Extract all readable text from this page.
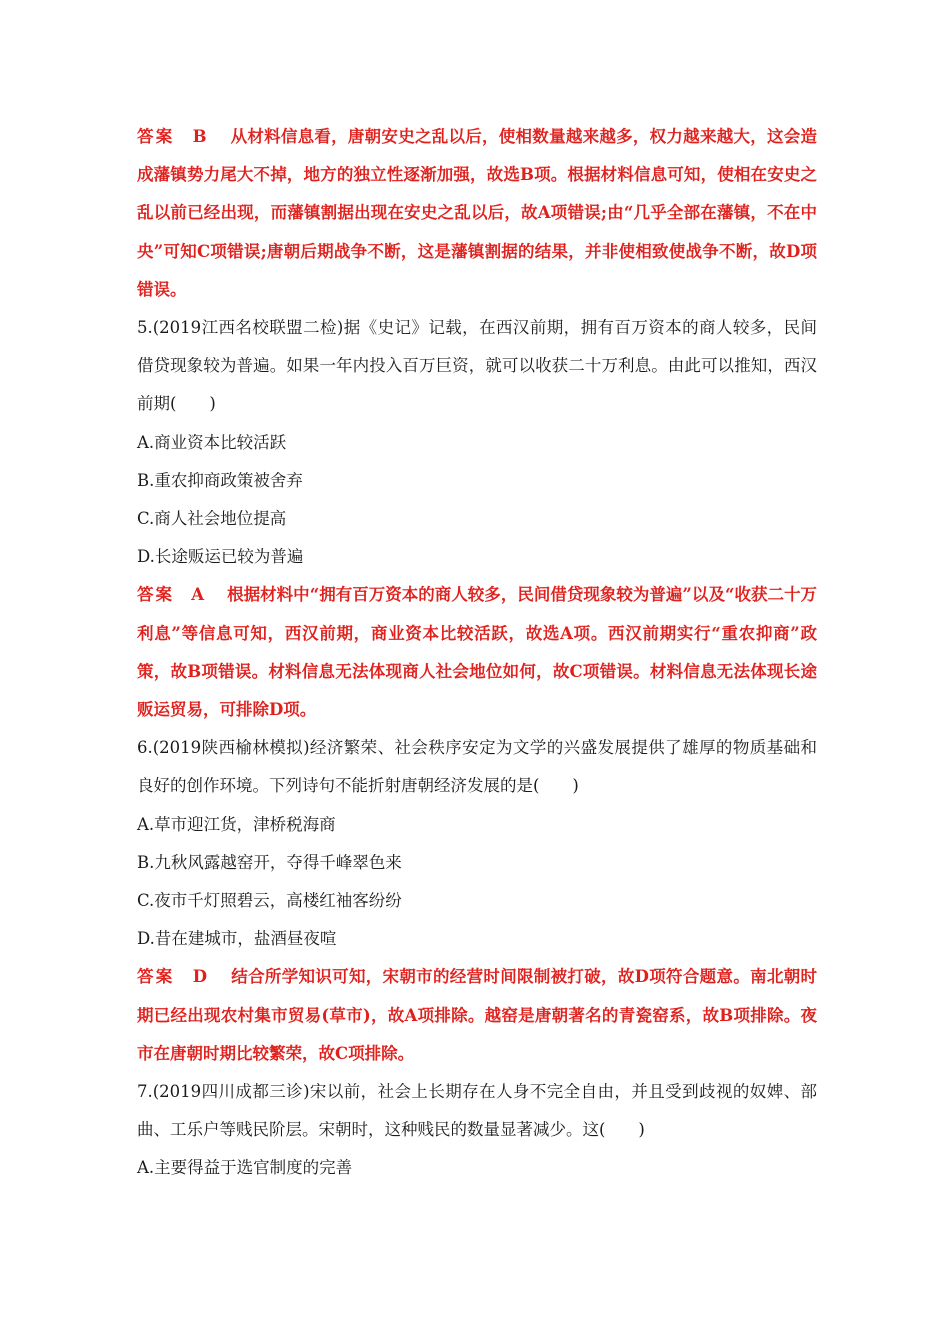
答案 B 从材料信息看，唐朝安史之乱以后，使相数量越来越多，权力越来越大，这会造成藩镇势力尾大不掉，地方的独立性逐渐加强，故选B项。根据材料信息可知，使相在安史之乱以前已经出现，而藩镇割据出现在安史之乱以后，故A项错误;由“几乎全部在藩镇，不在中央”可知C项错误;唐朝后期战争不断，这是藩镇割据的结果，并非使相致使战争不断，故D项错误。

5.(2019江西名校联盟二检)据《史记》记载，在西汉前期，拥有百万资本的商人较多，民间借贷现象较为普遍。如果一年内投入百万巨资，就可以收获二十万利息。由此可以推知，西汉前期(　　)

A.商业资本比较活跃

B.重农抑商政策被舍弃

C.商人社会地位提高

D.长途贩运已较为普遍

答案 A 根据材料中“拥有百万资本的商人较多，民间借贷现象较为普遍”以及“收获二十万利息”等信息可知，西汉前期，商业资本比较活跃，故选A项。西汉前期实行“重农抑商”政策，故B项错误。材料信息无法体现商人社会地位如何，故C项错误。材料信息无法体现长途贩运贸易，可排除D项。

6.(2019陕西榆林模拟)经济繁荣、社会秩序安定为文学的兴盛发展提供了雄厚的物质基础和良好的创作环境。下列诗句不能折射唐朝经济发展的是(　　)

A.草市迎江货，津桥税海商

B.九秋风露越窑开，夺得千峰翠色来

C.夜市千灯照碧云，高楼红袖客纷纷

D.昔在建城市，盐酒昼夜喧

答案 D 结合所学知识可知，宋朝市的经营时间限制被打破，故D项符合题意。南北朝时期已经出现农村集市贸易(草市)，故A项排除。越窑是唐朝著名的青瓷窑系，故B项排除。夜市在唐朝时期比较繁荣，故C项排除。

7.(2019四川成都三诊)宋以前，社会上长期存在人身不完全自由，并且受到歧视的奴婢、部曲、工乐户等贱民阶层。宋朝时，这种贱民的数量显著减少。这(　　)

A.主要得益于选官制度的完善
